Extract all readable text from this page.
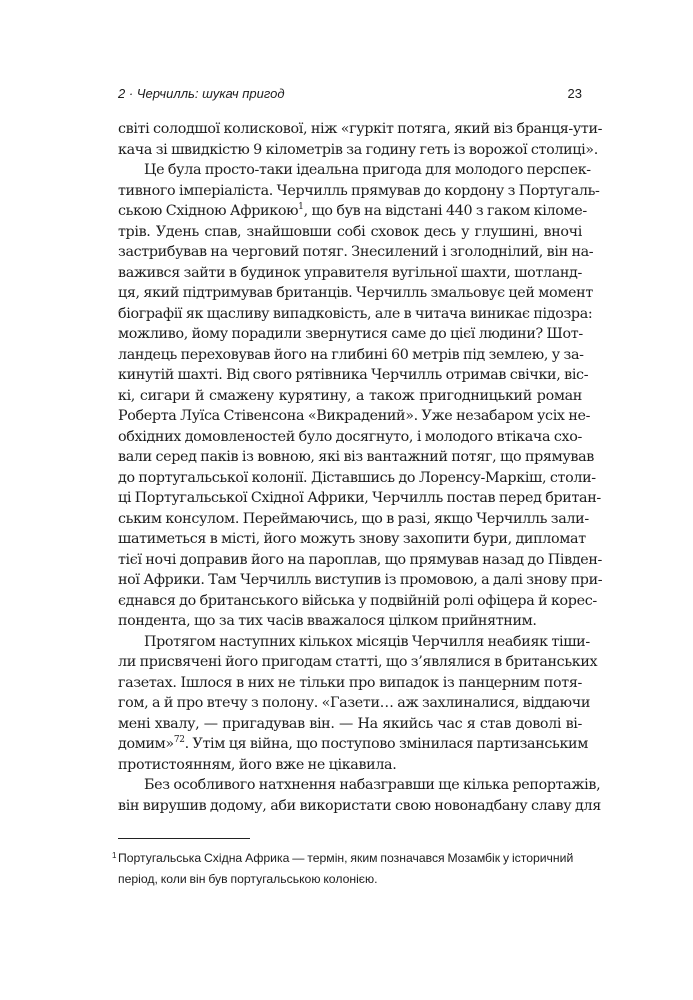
2 · Черчилль: шукач пригод	23
світі солодшої колискової, ніж «гуркіт потяга, який віз бранця-ути-
кача зі швидкістю 9 кілометрів за годину геть із ворожої столиці».
Це була просто-таки ідеальна пригода для молодого перспек-
тивного імперіаліста. Черчилль прямував до кордону з Португаль-
ською Східною Африкою$^1$, що був на відстані 440 з гаком кіломе-
трів. Удень спав, знайшовши собі сховок десь у глушині, вночі
застрибував на черговий потяг. Знесилений і зголоднілий, він на-
важився зайти в будинок управителя вугільної шахти, шотланд-
ця, який підтримував британців. Черчилль змальовує цей момент
біографії як щасливу випадковість, але в читача виникає підозра:
можливо, йому порадили звернутися саме до цієї людини? Шот-
ландець переховував його на глибині 60 метрів під землею, у за-
кинутій шахті. Від свого рятівника Черчилль отримав свічки, віс-
кі, сигари й смажену курятину, а також пригодницький роман
Роберта Луїса Стівенсона «Викрадений». Уже незабаром усіх не-
обхідних домовленостей було досягнуто, і молодого втікача схо-
вали серед паків із вовною, які віз вантажний потяг, що прямував
до португальської колонії. Діставшись до Лоренсу-Маркіш, столи-
ці Португальської Східної Африки, Черчилль постав перед британ-
ським консулом. Переймаючись, що в разі, якщо Черчилль зали-
шатиметься в місті, його можуть знову захопити бури, дипломат
тієї ночі доправив його на пароплав, що прямував назад до Півден-
ної Африки. Там Черчилль виступив із промовою, а далі знову при-
єднався до британського війська у подвійній ролі офіцера й корес-
пондента, що за тих часів вважалося цілком прийнятним.
Протягом наступних кількох місяців Черчилля неабияк тіши-
ли присвячені його пригодам статті, що з’являлися в британських
газетах. Ішлося в них не тільки про випадок із панцерним потя-
гом, а й про втечу з полону. «Газети… аж захлиналися, віддаючи
мені хвалу, — пригадував він. — На якийсь час я став доволі ві-
домим»$^{72}$. Утім ця війна, що поступово змінилася партизанським
протистоянням, його вже не цікавила.
Без особливого натхнення набазгравши ще кілька репортажів,
він вирушив додому, аби використати свою новонадбану славу для
1 Португальська Східна Африка — термін, яким позначався Мозамбік у історичний
період, коли він був португальською колонією.
